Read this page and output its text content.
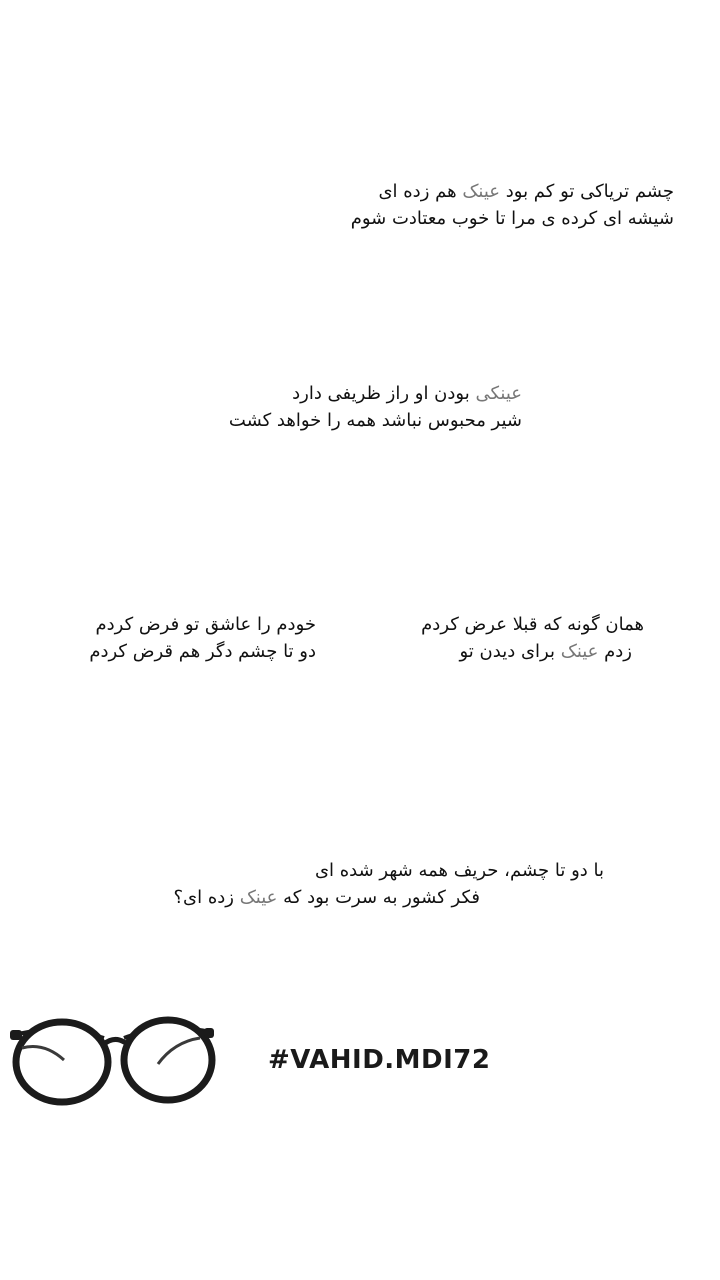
چشم تریاکی تو کم بود عینک هم زده ای
شیشه ای کرده ی مرا تا خوب معتادت شوم
عینکی بودن او راز ظریفی دارد
شیر محبوس نباشد همه را خواهد کشت
همان گونه که قبلا عرض کردم
زدم عینک برای دیدن تو
خودم را عاشق تو فرض کردم
دو تا چشم دگر هم قرض کردم
با دو تا چشم، حریف همه شهر شده ای
فکر کشور به سرت بود که عینک زده ای؟
#VAHID.MDI72
